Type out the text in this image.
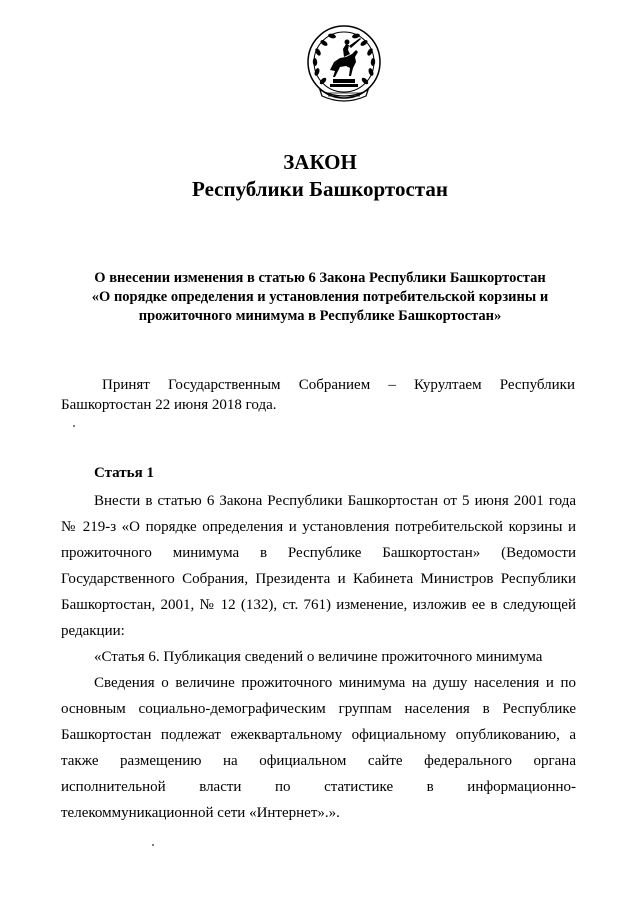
ЗАКОН
Республики Башкортостан
О внесении изменения в статью 6 Закона Республики Башкортостан
«О порядке определения и установления потребительской корзины и
прожиточного минимума в Республике Башкортостан»
Принят Государственным Собранием – Курултаем Республики
Башкортостан 22 июня 2018 года.
Статья 1
Внести в статью 6 Закона Республики Башкортостан от 5 июня 2001 года
№ 219-з «О порядке определения и установления потребительской корзины и
прожиточного минимума в Республике Башкортостан» (Ведомости
Государственного Собрания, Президента и Кабинета Министров Республики
Башкортостан, 2001, № 12 (132), ст. 761) изменение, изложив ее в следующей
редакции:
«Статья 6. Публикация сведений о величине прожиточного минимума
Сведения о величине прожиточного минимума на душу населения и по
основным социально-демографическим группам населения в Республике
Башкортостан подлежат ежеквартальному официальному опубликованию, а
также размещению на официальном сайте федерального органа
исполнительной власти по статистике в информационно-
телекоммуникационной сети «Интернет».».
